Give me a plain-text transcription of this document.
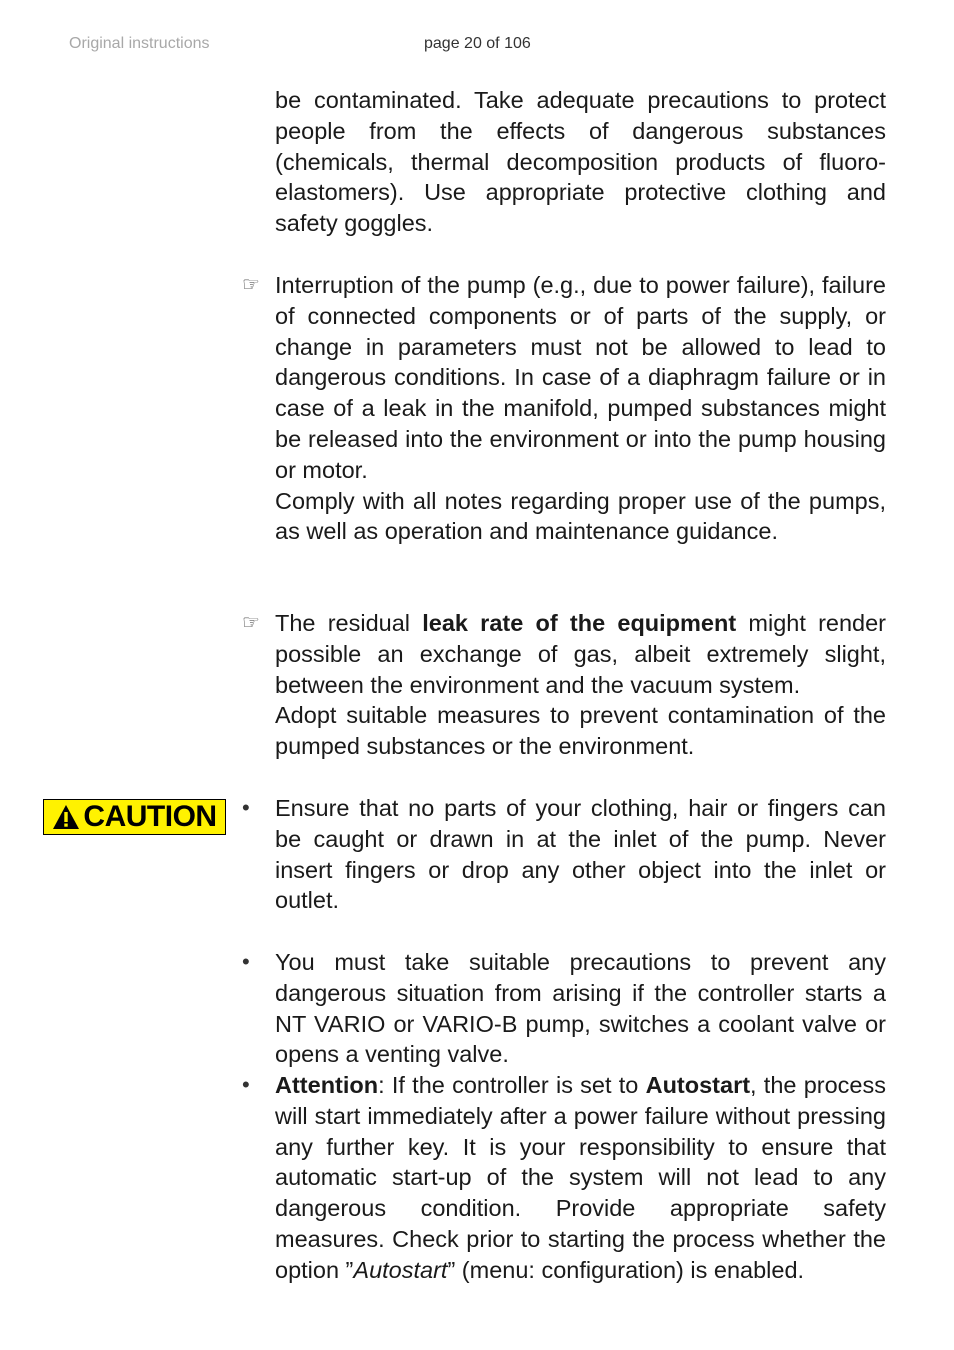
Original instructions	page 20 of 106

be contaminated. Take adequate precautions to protect people from the effects of dangerous substances (chemicals, thermal decomposition products of fluoroelastomers). Use appropriate protective clothing and safety goggles.

☞ Interruption of the pump (e.g., due to power failure), failure of connected components or of parts of the supply, or change in parameters must not be allowed to lead to dangerous conditions. In case of a diaphragm failure or in case of a leak in the manifold, pumped substances might be released into the environment or into the pump housing or motor.

Comply with all notes regarding proper use of the pumps, as well as operation and maintenance guidance.

☞ The residual leak rate of the equipment might render possible an exchange of gas, albeit extremely slight, between the environment and the vacuum system.

Adopt suitable measures to prevent contamination of the pumped substances or the environment.

CAUTION • Ensure that no parts of your clothing, hair or fingers can be caught or drawn in at the inlet of the pump. Never insert fingers or drop any other object into the inlet or outlet.

• You must take suitable precautions to prevent any dangerous situation from arising if the controller starts a NT VARIO or VARIO-B pump, switches a coolant valve or opens a venting valve.

• Attention: If the controller is set to Autostart, the process will start immediately after a power failure without pressing any further key. It is your responsibility to ensure that automatic start-up of the system will not lead to any dangerous condition. Provide appropriate safety measures. Check prior to starting the process whether the option ”Autostart” (menu: configuration) is enabled.
